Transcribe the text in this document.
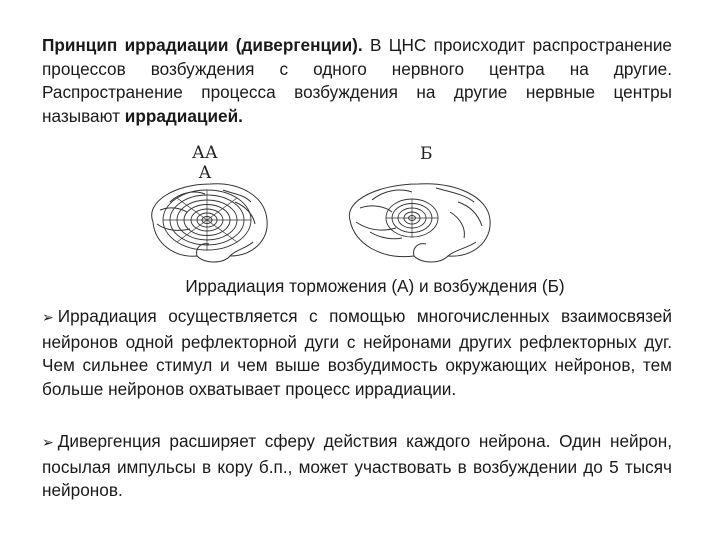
Принцип иррадиации (дивергенции). В ЦНС происходит распространение процессов возбуждения с одного нервного центра на другие. Распространение процесса возбуждения на другие нервные центры называют иррадиацией.
АА
А
Б
Иррадиация торможения (А) и возбуждения (Б)
➢ Иррадиация осуществляется с помощью многочисленных взаимосвязей нейронов одной рефлекторной дуги с нейронами других рефлекторных дуг. Чем сильнее стимул и чем выше возбудимость окружающих нейронов, тем больше нейронов охватывает процесс иррадиации.
➢ Дивергенция расширяет сферу действия каждого нейрона. Один нейрон, посылая импульсы в кору б.п., может участвовать в возбуждении до 5 тысяч нейронов.
